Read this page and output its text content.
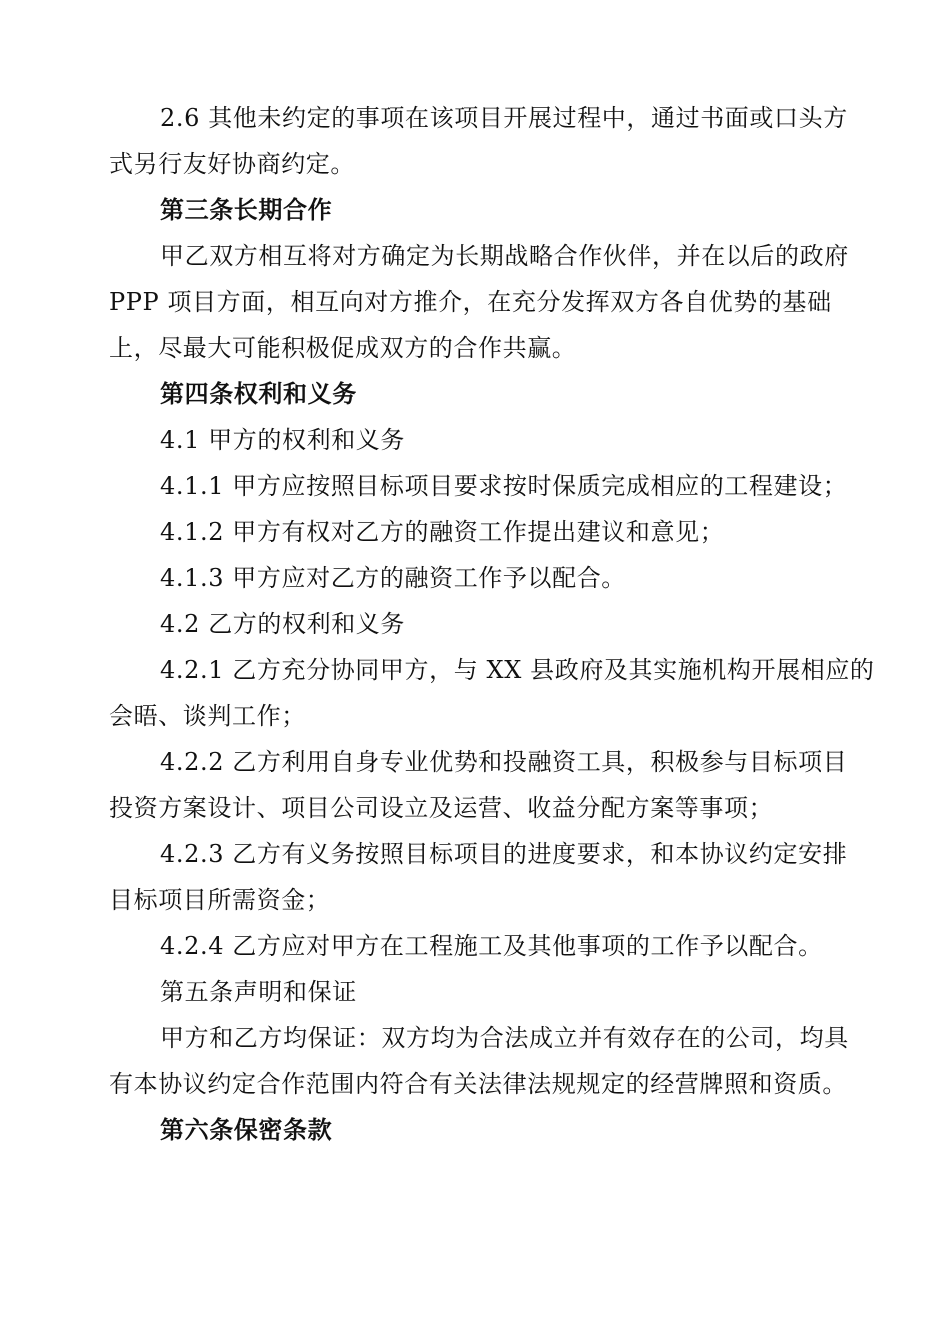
2.6 其他未约定的事项在该项目开展过程中，通过书面或口头方
式另行友好协商约定。
第三条长期合作
甲乙双方相互将对方确定为长期战略合作伙伴，并在以后的政府
PPP 项目方面，相互向对方推介，在充分发挥双方各自优势的基础
上，尽最大可能积极促成双方的合作共赢。
第四条权利和义务
4.1 甲方的权利和义务
4.1.1 甲方应按照目标项目要求按时保质完成相应的工程建设；
4.1.2 甲方有权对乙方的融资工作提出建议和意见；
4.1.3 甲方应对乙方的融资工作予以配合。
4.2 乙方的权利和义务
4.2.1 乙方充分协同甲方，与 XX 县政府及其实施机构开展相应的
会晤、谈判工作；
4.2.2 乙方利用自身专业优势和投融资工具，积极参与目标项目
投资方案设计、项目公司设立及运营、收益分配方案等事项；
4.2.3 乙方有义务按照目标项目的进度要求，和本协议约定安排
目标项目所需资金；
4.2.4 乙方应对甲方在工程施工及其他事项的工作予以配合。
第五条声明和保证
甲方和乙方均保证：双方均为合法成立并有效存在的公司，均具
有本协议约定合作范围内符合有关法律法规规定的经营牌照和资质。
第六条保密条款
